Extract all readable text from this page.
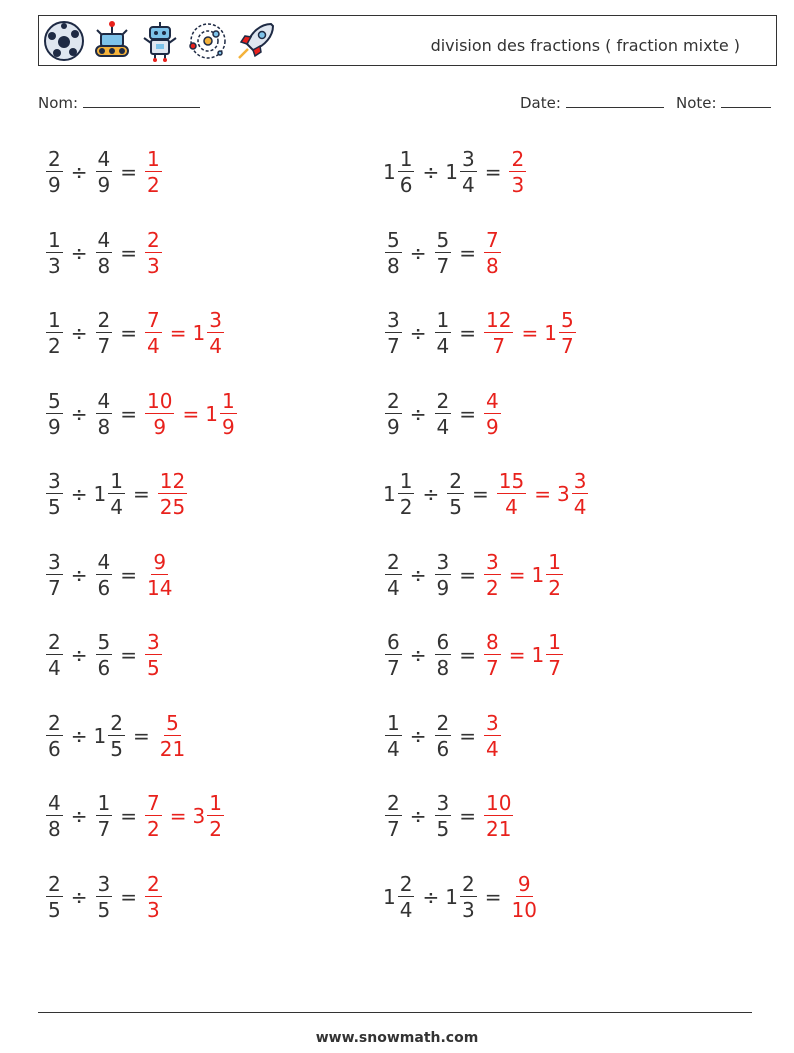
division des fractions ( fraction mixte )
Nom:	Date:	Note:
$\frac{2}{9} \div \frac{4}{9} = \frac{1}{2}$	$1 \frac{1}{6} \div 1 \frac{3}{4} = \frac{2}{3}$
$\frac{1}{3} \div \frac{4}{8} = \frac{2}{3}$	$\frac{5}{8} \div \frac{5}{7} = \frac{7}{8}$
$\frac{1}{2} \div \frac{2}{7} = \frac{7}{4} = 1 \frac{3}{4}$	$\frac{3}{7} \div \frac{1}{4} = \frac{12}{7} = 1 \frac{5}{7}$
$\frac{5}{9} \div \frac{4}{8} = \frac{10}{9} = 1 \frac{1}{9}$	$\frac{2}{9} \div \frac{2}{4} = \frac{4}{9}$
$\frac{3}{5} \div 1 \frac{1}{4} = \frac{12}{25}$	$1 \frac{1}{2} \div \frac{2}{5} = \frac{15}{4} = 3 \frac{3}{4}$
$\frac{3}{7} \div \frac{4}{6} = \frac{9}{14}$	$\frac{2}{4} \div \frac{3}{9} = \frac{3}{2} = 1 \frac{1}{2}$
$\frac{2}{4} \div \frac{5}{6} = \frac{3}{5}$	$\frac{6}{7} \div \frac{6}{8} = \frac{8}{7} = 1 \frac{1}{7}$
$\frac{2}{6} \div 1 \frac{2}{5} = \frac{5}{21}$	$\frac{1}{4} \div \frac{2}{6} = \frac{3}{4}$
$\frac{4}{8} \div \frac{1}{7} = \frac{7}{2} = 3 \frac{1}{2}$	$\frac{2}{7} \div \frac{3}{5} = \frac{10}{21}$
$\frac{2}{5} \div \frac{3}{5} = \frac{2}{3}$	$1 \frac{2}{4} \div 1 \frac{2}{3} = \frac{9}{10}$
www.snowmath.com
